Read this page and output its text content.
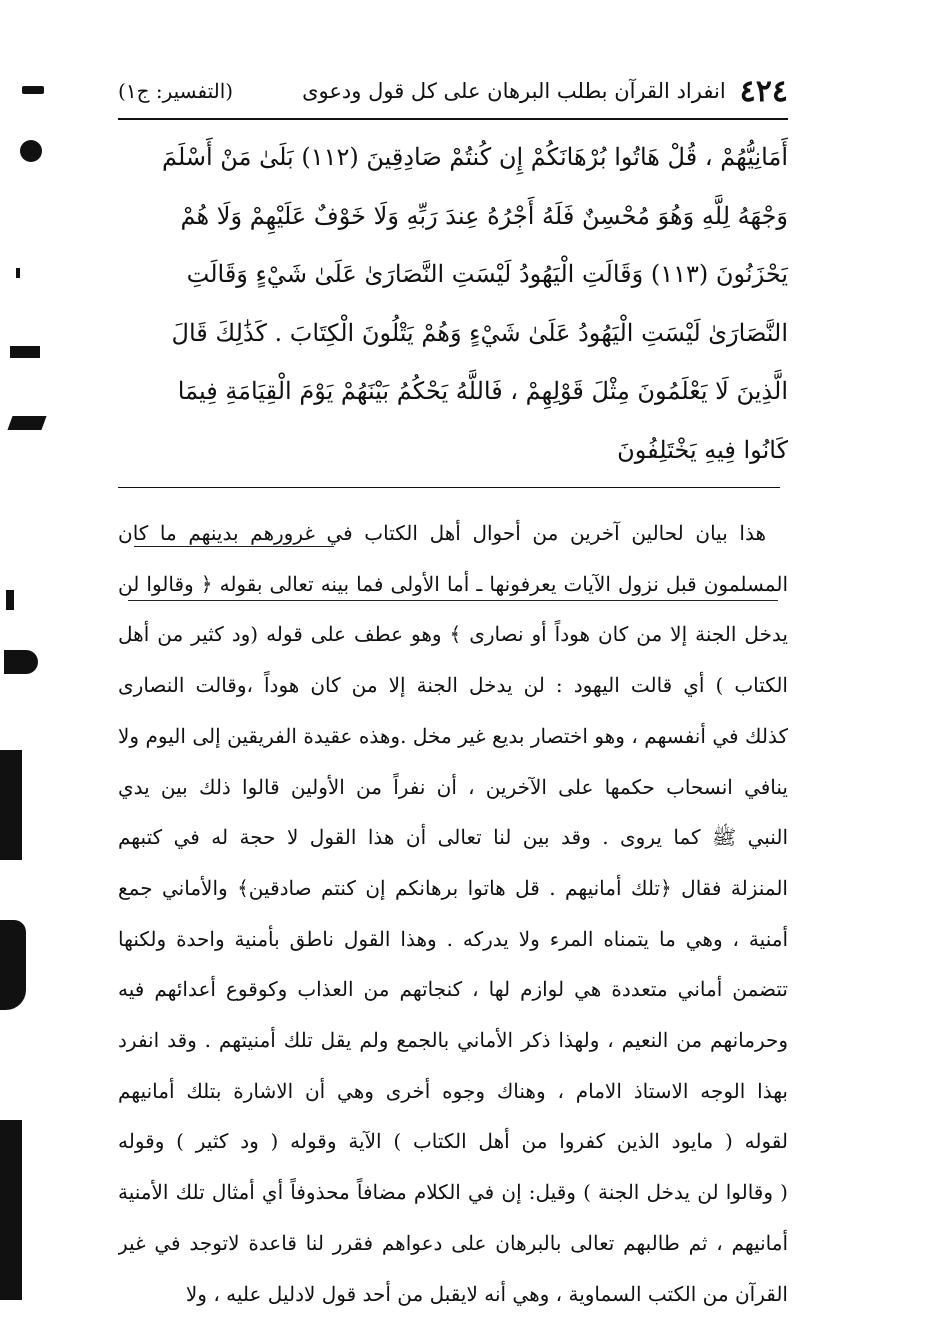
٤٢٤
انفراد القرآن بطلب البرهان على كل قول ودعوى
(التفسير: ج١)
أَمَانِيُّهُمْ ، قُلْ هَاتُوا بُرْهَانَكُمْ إِن كُنتُمْ صَادِقِينَ (١١٢) بَلَىٰ مَنْ أَسْلَمَ
وَجْهَهُ لِلَّهِ وَهُوَ مُحْسِنٌ فَلَهُ أَجْرُهُ عِندَ رَبِّهِ وَلَا خَوْفٌ عَلَيْهِمْ وَلَا هُمْ
يَحْزَنُونَ (١١٣) وَقَالَتِ الْيَهُودُ لَيْسَتِ النَّصَارَىٰ عَلَىٰ شَيْءٍ وَقَالَتِ
النَّصَارَىٰ لَيْسَتِ الْيَهُودُ عَلَىٰ شَيْءٍ وَهُمْ يَتْلُونَ الْكِتَابَ . كَذَٰلِكَ قَالَ
الَّذِينَ لَا يَعْلَمُونَ مِثْلَ قَوْلِهِمْ ، فَاللَّهُ يَحْكُمُ بَيْنَهُمْ يَوْمَ الْقِيَامَةِ فِيمَا
كَانُوا فِيهِ يَخْتَلِفُونَ
هذا بيان لحالين آخرين من أحوال أهل الكتاب في غرورهم بدينهم ما كان
المسلمون قبل نزول الآيات يعرفونها ـ أما الأولى فما بينه تعالى بقوله ﴿ وقالوا لن
يدخل الجنة إلا من كان هوداً أو نصارى ﴾ وهو عطف على قوله (ود كثير من أهل
الكتاب ) أي قالت اليهود : لن يدخل الجنة إلا من كان هوداً ،وقالت النصارى
كذلك في أنفسهم ، وهو اختصار بديع غير مخل .وهذه عقيدة الفريقين إلى اليوم ولا
ينافي انسحاب حكمها على الآخرين ، أن نفراً من الأولين قالوا ذلك بين يدي
النبي ﷺ كما يروى . وقد بين لنا تعالى أن هذا القول لا حجة له في كتبهم
المنزلة فقال ﴿تلك أمانيهم . قل هاتوا برهانكم إن كنتم صادقين﴾ والأماني جمع
أمنية ، وهي ما يتمناه المرء ولا يدركه . وهذا القول ناطق بأمنية واحدة ولكنها
تتضمن أماني متعددة هي لوازم لها ، كنجاتهم من العذاب وكوقوع أعدائهم فيه
وحرمانهم من النعيم ، ولهذا ذكر الأماني بالجمع ولم يقل تلك أمنيتهم . وقد انفرد
بهذا الوجه الاستاذ الامام ، وهناك وجوه أخرى وهي أن الاشارة بتلك أمانيهم
لقوله ( مايود الذين كفروا من أهل الكتاب ) الآية وقوله ( ود كثير ) وقوله
( وقالوا لن يدخل الجنة ) وقيل: إن في الكلام مضافاً محذوفاً أي أمثال تلك الأمنية
أمانيهم ، ثم طالبهم تعالى بالبرهان على دعواهم فقرر لنا قاعدة لاتوجد في غير
القرآن من الكتب السماوية ، وهي أنه لايقبل من أحد قول لادليل عليه ، ولا
